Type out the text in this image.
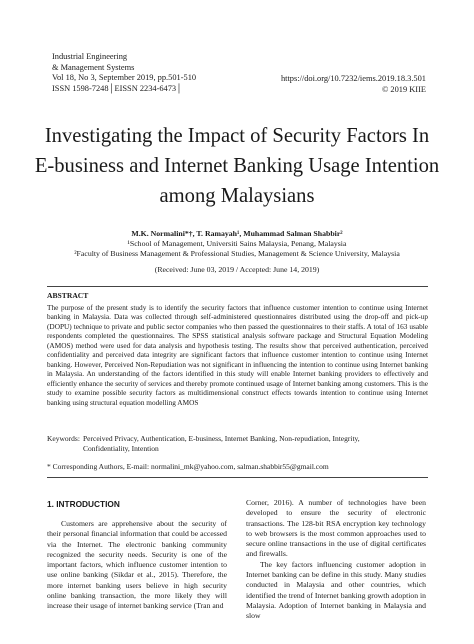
Industrial Engineering
& Management Systems
Vol 18, No 3, September 2019, pp.501-510
ISSN 1598-7248│EISSN 2234-6473│
https://doi.org/10.7232/iems.2019.18.3.501
© 2019 KIIE
Investigating the Impact of Security Factors In
E-business and Internet Banking Usage Intention
among Malaysians
M.K. Normalini*†, T. Ramayah¹, Muhammad Salman Shabbir²
¹School of Management, Universiti Sains Malaysia, Penang, Malaysia
²Faculty of Business Management & Professional Studies, Management & Science University, Malaysia
(Received: June 03, 2019 / Accepted: June 14, 2019)
ABSTRACT
The purpose of the present study is to identify the security factors that influence customer intention to continue using Internet banking in Malaysia. Data was collected through self-administered questionnaires distributed using the drop-off and pick-up (DOPU) technique to private and public sector companies who then passed the questionnaires to their staffs. A total of 163 usable respondents completed the questionnaires. The SPSS statistical analysis software package and Structural Equation Modeling (AMOS) method were used for data analysis and hypothesis testing. The results show that perceived authentication, perceived confidentiality and perceived data integrity are significant factors that influence customer intention to continue using Internet banking. However, Perceived Non-Repudiation was not significant in influencing the intention to continue using Internet banking in Malaysia. An understanding of the factors identified in this study will enable Internet banking providers to effectively and efficiently enhance the security of services and thereby promote continued usage of Internet banking among customers. This is the study to examine possible security factors as multidimensional construct effects towards intention to continue using Internet banking using structural equation modelling AMOS
Keywords: Perceived Privacy, Authentication, E-business, Internet Banking, Non-repudiation, Integrity,
Confidentiality, Intention
* Corresponding Authors, E-mail: normalini_mk@yahoo.com, salman.shabbir55@gmail.com
1. INTRODUCTION

Customers are apprehensive about the security of their personal financial information that could be accessed via the Internet. The electronic banking community recognized the security needs. Security is one of the important factors, which influence customer intention to use online banking (Sikdar et al., 2015). Therefore, the more internet banking users believe in high security online banking transaction, the more likely they will increase their usage of internet banking service (Tran and

Corner, 2016). A number of technologies have been developed to ensure the security of electronic transactions. The 128-bit RSA encryption key technology to web browsers is the most common approaches used to secure online transactions in the use of digital certificates and firewalls.

The key factors influencing customer adoption in Internet banking can be define in this study. Many studies conducted in Malaysia and other countries, which identified the trend of Internet banking growth adoption in Malaysia. Adoption of Internet banking in Malaysia and slow
